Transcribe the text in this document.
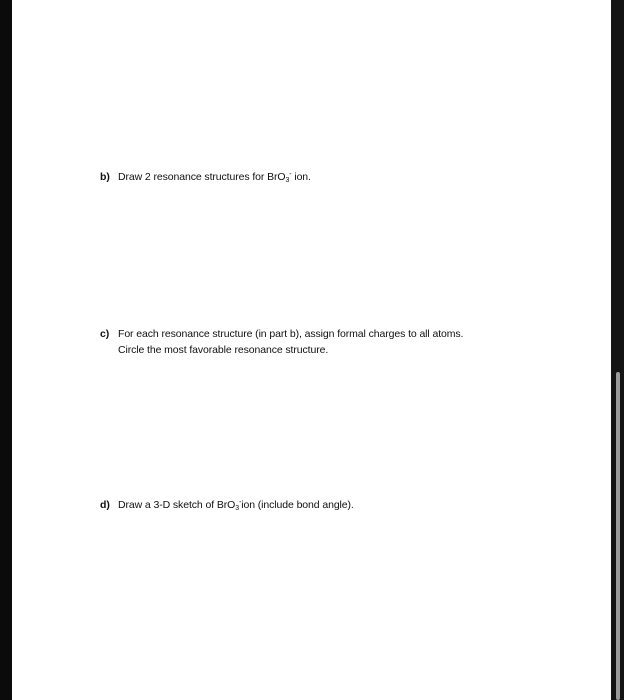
b) Draw 2 resonance structures for BrO$_3$- ion.
c) For each resonance structure (in part b), assign formal charges to all atoms.
Circle the most favorable resonance structure.
d) Draw a 3-D sketch of BrO$_3$-ion (include bond angle).
